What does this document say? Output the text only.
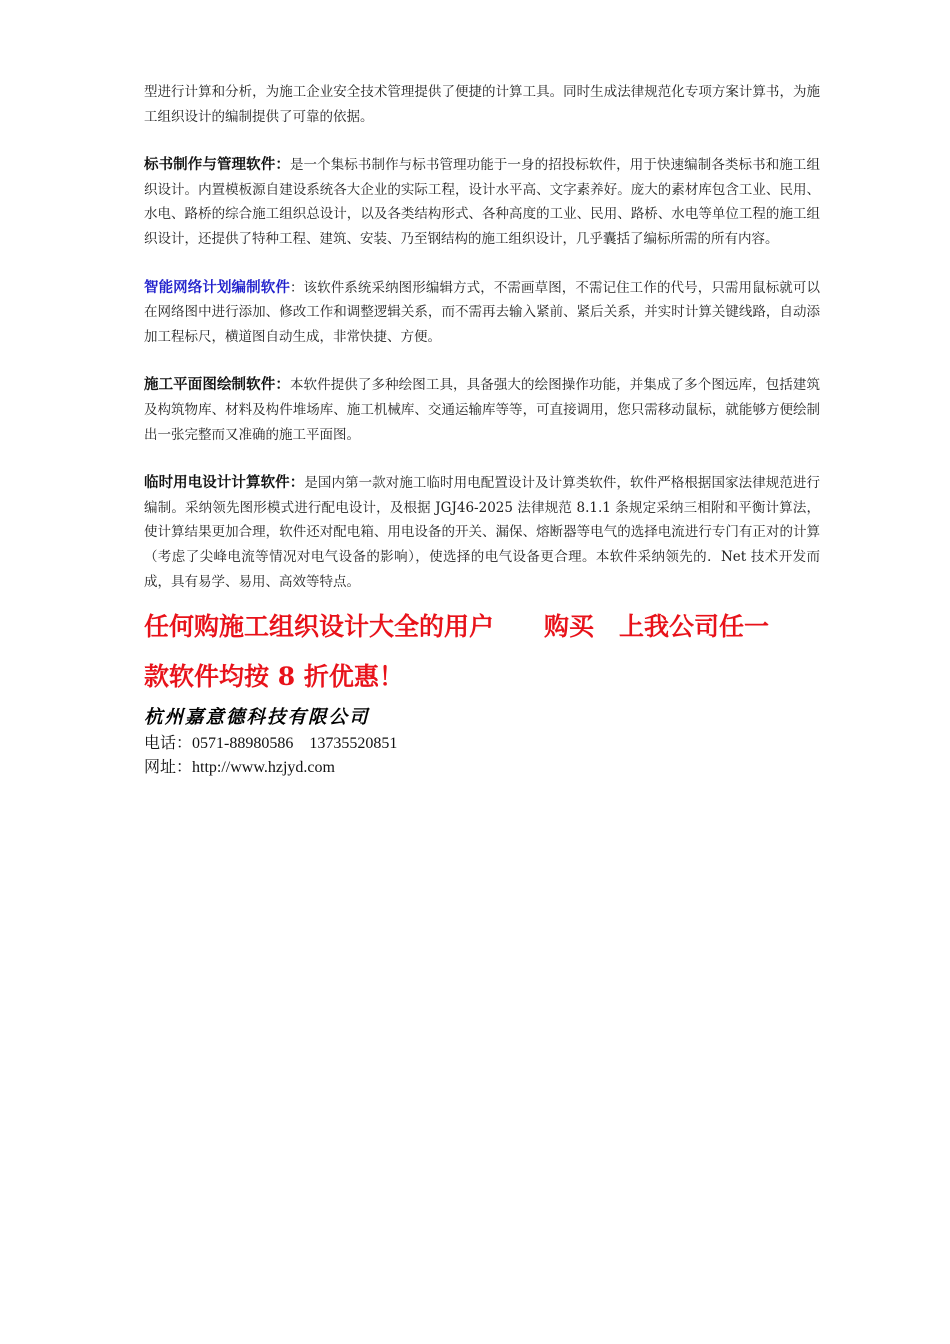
型进行计算和分析，为施工企业安全技术管理提供了便捷的计算工具。同时生成法律规范化专项方案计算书，为施工组织设计的编制提供了可靠的依据。

标书制作与管理软件：是一个集标书制作与标书管理功能于一身的招投标软件，用于快速编制各类标书和施工组织设计。内置模板源自建设系统各大企业的实际工程，设计水平高、文字素养好。庞大的素材库包含工业、民用、水电、路桥的综合施工组织总设计，以及各类结构形式、各种高度的工业、民用、路桥、水电等单位工程的施工组织设计，还提供了特种工程、建筑、安装、乃至钢结构的施工组织设计，几乎囊括了编标所需的所有内容。

智能网络计划编制软件：该软件系统采纳图形编辑方式，不需画草图，不需记住工作的代号，只需用鼠标就可以在网络图中进行添加、修改工作和调整逻辑关系，而不需再去输入紧前、紧后关系，并实时计算关键线路，自动添加工程标尺，横道图自动生成，非常快捷、方便。

施工平面图绘制软件：本软件提供了多种绘图工具，具备强大的绘图操作功能，并集成了多个图远库，包括建筑及构筑物库、材料及构件堆场库、施工机械库、交通运输库等等，可直接调用，您只需移动鼠标，就能够方便绘制出一张完整而又准确的施工平面图。

临时用电设计计算软件：是国内第一款对施工临时用电配置设计及计算类软件，软件严格根据国家法律规范进行编制。采纳领先图形模式进行配电设计，及根据 JGJ46-2025 法律规范 8.1.1 条规定采纳三相附和平衡计算法，使计算结果更加合理，软件还对配电箱、用电设备的开关、漏保、熔断器等电气的选择电流进行专门有正对的计算（考虑了尖峰电流等情况对电气设备的影响），使选择的电气设备更合理。本软件采纳领先的．Net 技术开发而成，具有易学、易用、高效等特点。

任何购施工组织设计大全的用户　　购买　上我公司任一
款软件均按 8 折优惠！
杭州嘉意德科技有限公司
电话：0571-88980586　13735520851
网址：http://www.hzjyd.com
